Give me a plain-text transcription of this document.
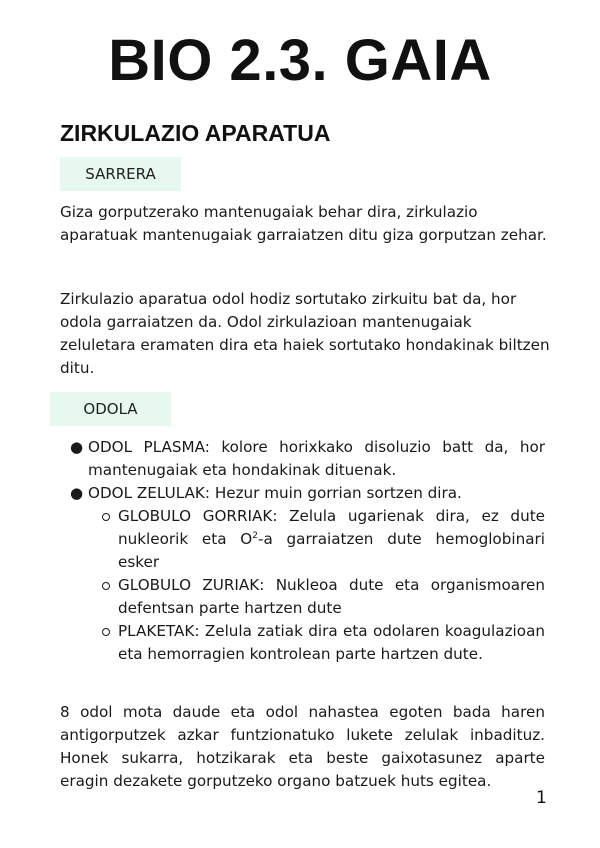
BIO 2.3. GAIA
ZIRKULAZIO APARATUA
SARRERA

Giza gorputzerako mantenugaiak behar dira, zirkulazio aparatuak mantenugaiak garraiatzen ditu giza gorputzan zehar.

Zirkulazio aparatua odol hodiz sortutako zirkuitu bat da, hor odola garraiatzen da. Odol zirkulazioan mantenugaiak zeluletara eramaten dira eta haiek sortutako hondakinak biltzen ditu.

ODOLA
● ODOL PLASMA: kolore horixkako disoluzio batt da, hor mantenugaiak eta hondakinak dituenak.
● ODOL ZELULAK: Hezur muin gorrian sortzen dira.
GLOBULO GORRIAK: Zelula ugarienak dira, ez dute nukleorik eta $O^2-a$ garraiatzen dute hemoglobinari esker
GLOBULO ZURIAK: Nukleoa dute eta organismoaren defentsan parte hartzen dute
PLAKETAK: Zelula zatiak dira eta odolaren koagulazioan eta hemorragien kontrolean parte hartzen dute.

8 odol mota daude eta odol nahastea egoten bada haren antigorputzek azkar funtzionatuko lukete zelulak inbadituz. Honek sukarra, hotzikarak eta beste gaixotasunez aparte eragin dezakete gorputzeko organo batzuek huts egitea.

1
